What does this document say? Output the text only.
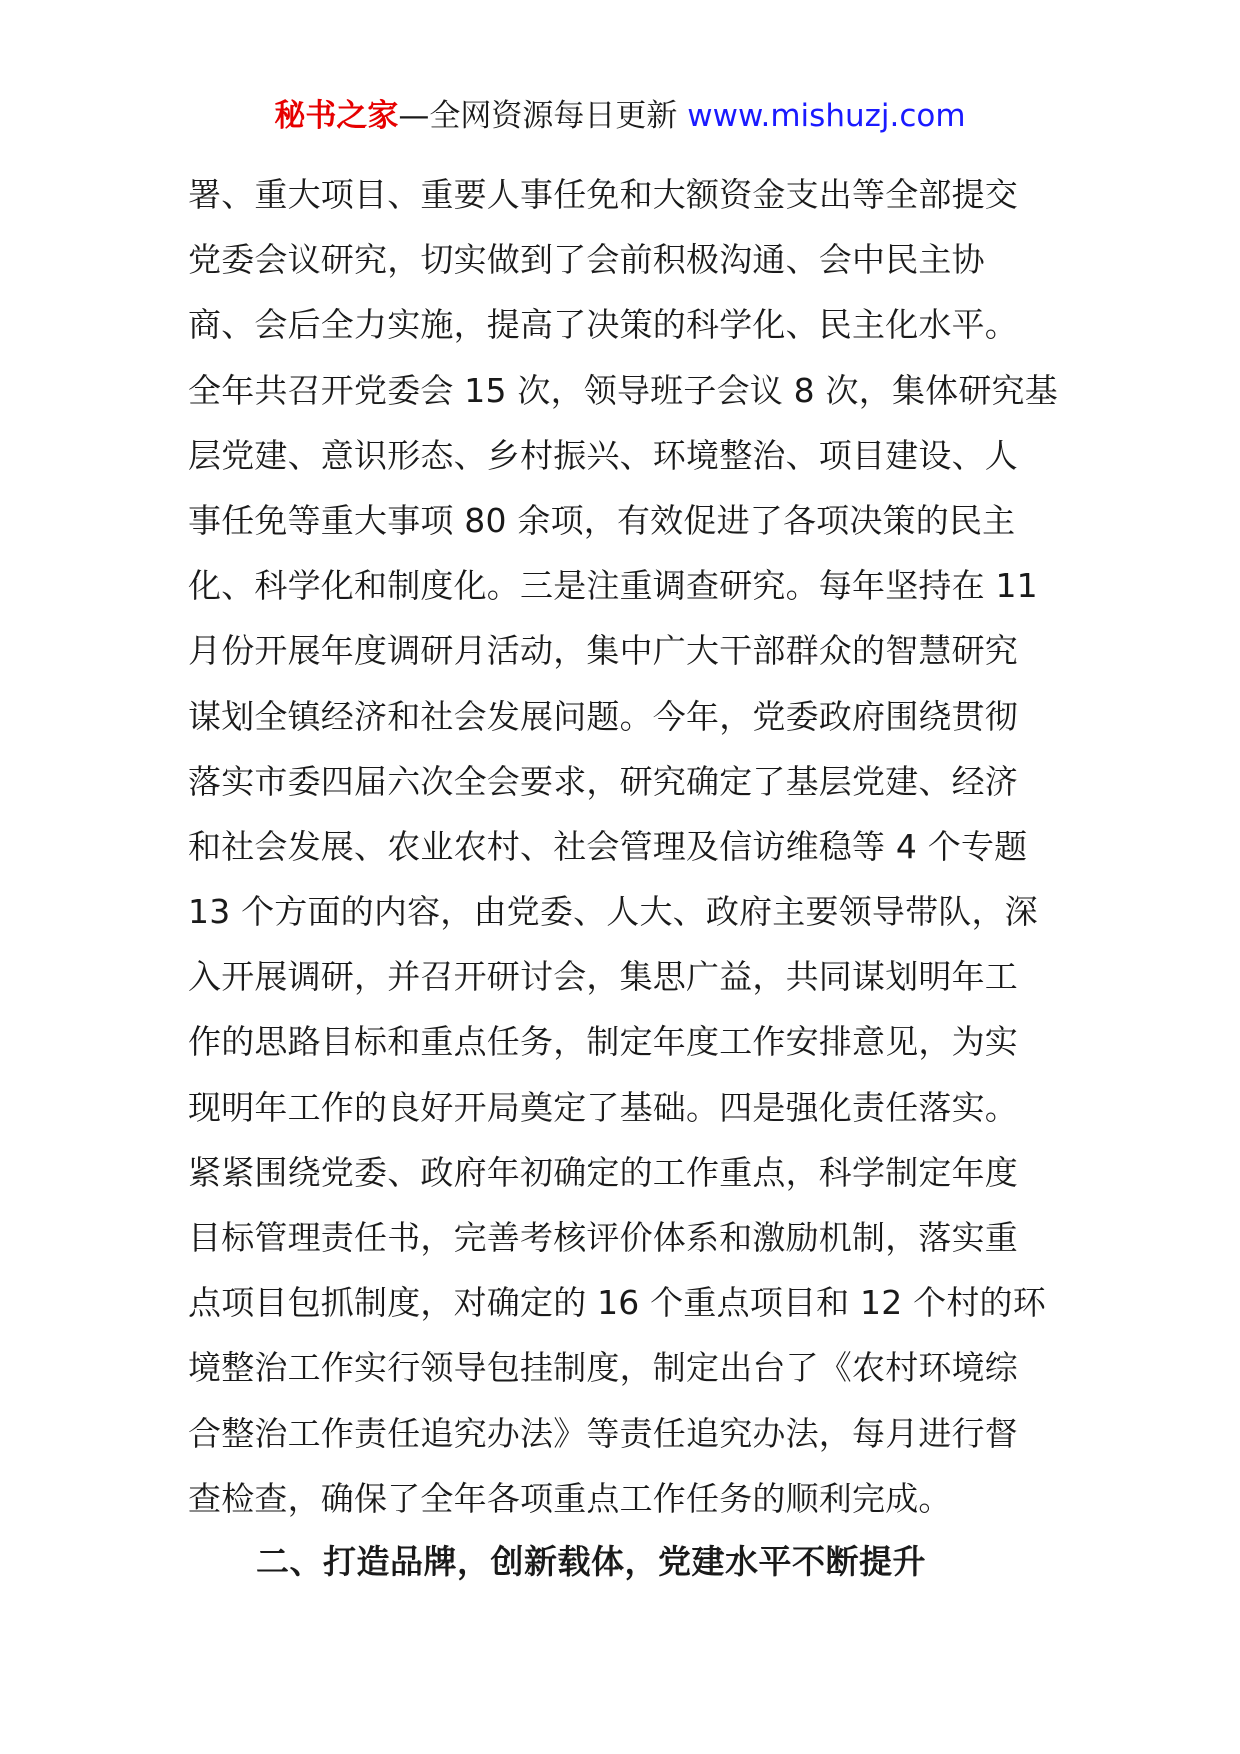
秘书之家—全网资源每日更新 www.mishuzj.com
署、重大项目、重要人事任免和大额资金支出等全部提交
党委会议研究，切实做到了会前积极沟通、会中民主协
商、会后全力实施，提高了决策的科学化、民主化水平。
全年共召开党委会 15 次，领导班子会议 8 次，集体研究基
层党建、意识形态、乡村振兴、环境整治、项目建设、人
事任免等重大事项 80 余项，有效促进了各项决策的民主
化、科学化和制度化。三是注重调查研究。每年坚持在 11
月份开展年度调研月活动，集中广大干部群众的智慧研究
谋划全镇经济和社会发展问题。今年，党委政府围绕贯彻
落实市委四届六次全会要求，研究确定了基层党建、经济
和社会发展、农业农村、社会管理及信访维稳等 4 个专题
13 个方面的内容，由党委、人大、政府主要领导带队，深
入开展调研，并召开研讨会，集思广益，共同谋划明年工
作的思路目标和重点任务，制定年度工作安排意见，为实
现明年工作的良好开局奠定了基础。四是强化责任落实。
紧紧围绕党委、政府年初确定的工作重点，科学制定年度
目标管理责任书，完善考核评价体系和激励机制，落实重
点项目包抓制度，对确定的 16 个重点项目和 12 个村的环
境整治工作实行领导包挂制度，制定出台了《农村环境综
合整治工作责任追究办法》等责任追究办法，每月进行督
查检查，确保了全年各项重点工作任务的顺利完成。
二、打造品牌，创新载体，党建水平不断提升
